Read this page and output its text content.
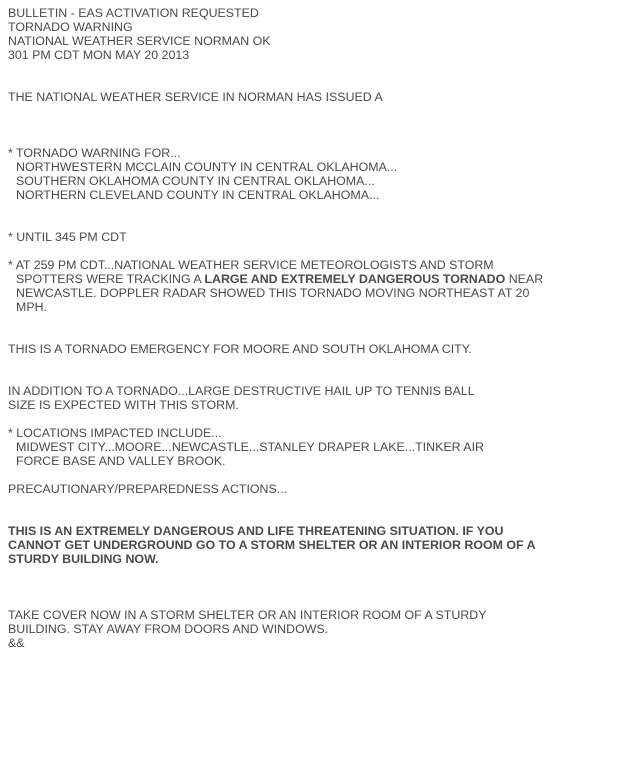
BULLETIN - EAS ACTIVATION REQUESTED
TORNADO WARNING
NATIONAL WEATHER SERVICE NORMAN OK
301 PM CDT MON MAY 20 2013
THE NATIONAL WEATHER SERVICE IN NORMAN HAS ISSUED A
* TORNADO WARNING FOR...
NORTHWESTERN MCCLAIN COUNTY IN CENTRAL OKLAHOMA...
SOUTHERN OKLAHOMA COUNTY IN CENTRAL OKLAHOMA...
NORTHERN CLEVELAND COUNTY IN CENTRAL OKLAHOMA...
* UNTIL 345 PM CDT
* AT 259 PM CDT...NATIONAL WEATHER SERVICE METEOROLOGISTS AND STORM
SPOTTERS WERE TRACKING A LARGE AND EXTREMELY DANGEROUS TORNADO NEAR
NEWCASTLE. DOPPLER RADAR SHOWED THIS TORNADO MOVING NORTHEAST AT 20
MPH.
THIS IS A TORNADO EMERGENCY FOR MOORE AND SOUTH OKLAHOMA CITY.
IN ADDITION TO A TORNADO...LARGE DESTRUCTIVE HAIL UP TO TENNIS BALL
SIZE IS EXPECTED WITH THIS STORM.
* LOCATIONS IMPACTED INCLUDE...
MIDWEST CITY...MOORE...NEWCASTLE...STANLEY DRAPER LAKE...TINKER AIR
FORCE BASE AND VALLEY BROOK.
PRECAUTIONARY/PREPAREDNESS ACTIONS...
THIS IS AN EXTREMELY DANGEROUS AND LIFE THREATENING SITUATION. IF YOU
CANNOT GET UNDERGROUND GO TO A STORM SHELTER OR AN INTERIOR ROOM OF A
STURDY BUILDING NOW.
TAKE COVER NOW IN A STORM SHELTER OR AN INTERIOR ROOM OF A STURDY
BUILDING. STAY AWAY FROM DOORS AND WINDOWS.
&&
